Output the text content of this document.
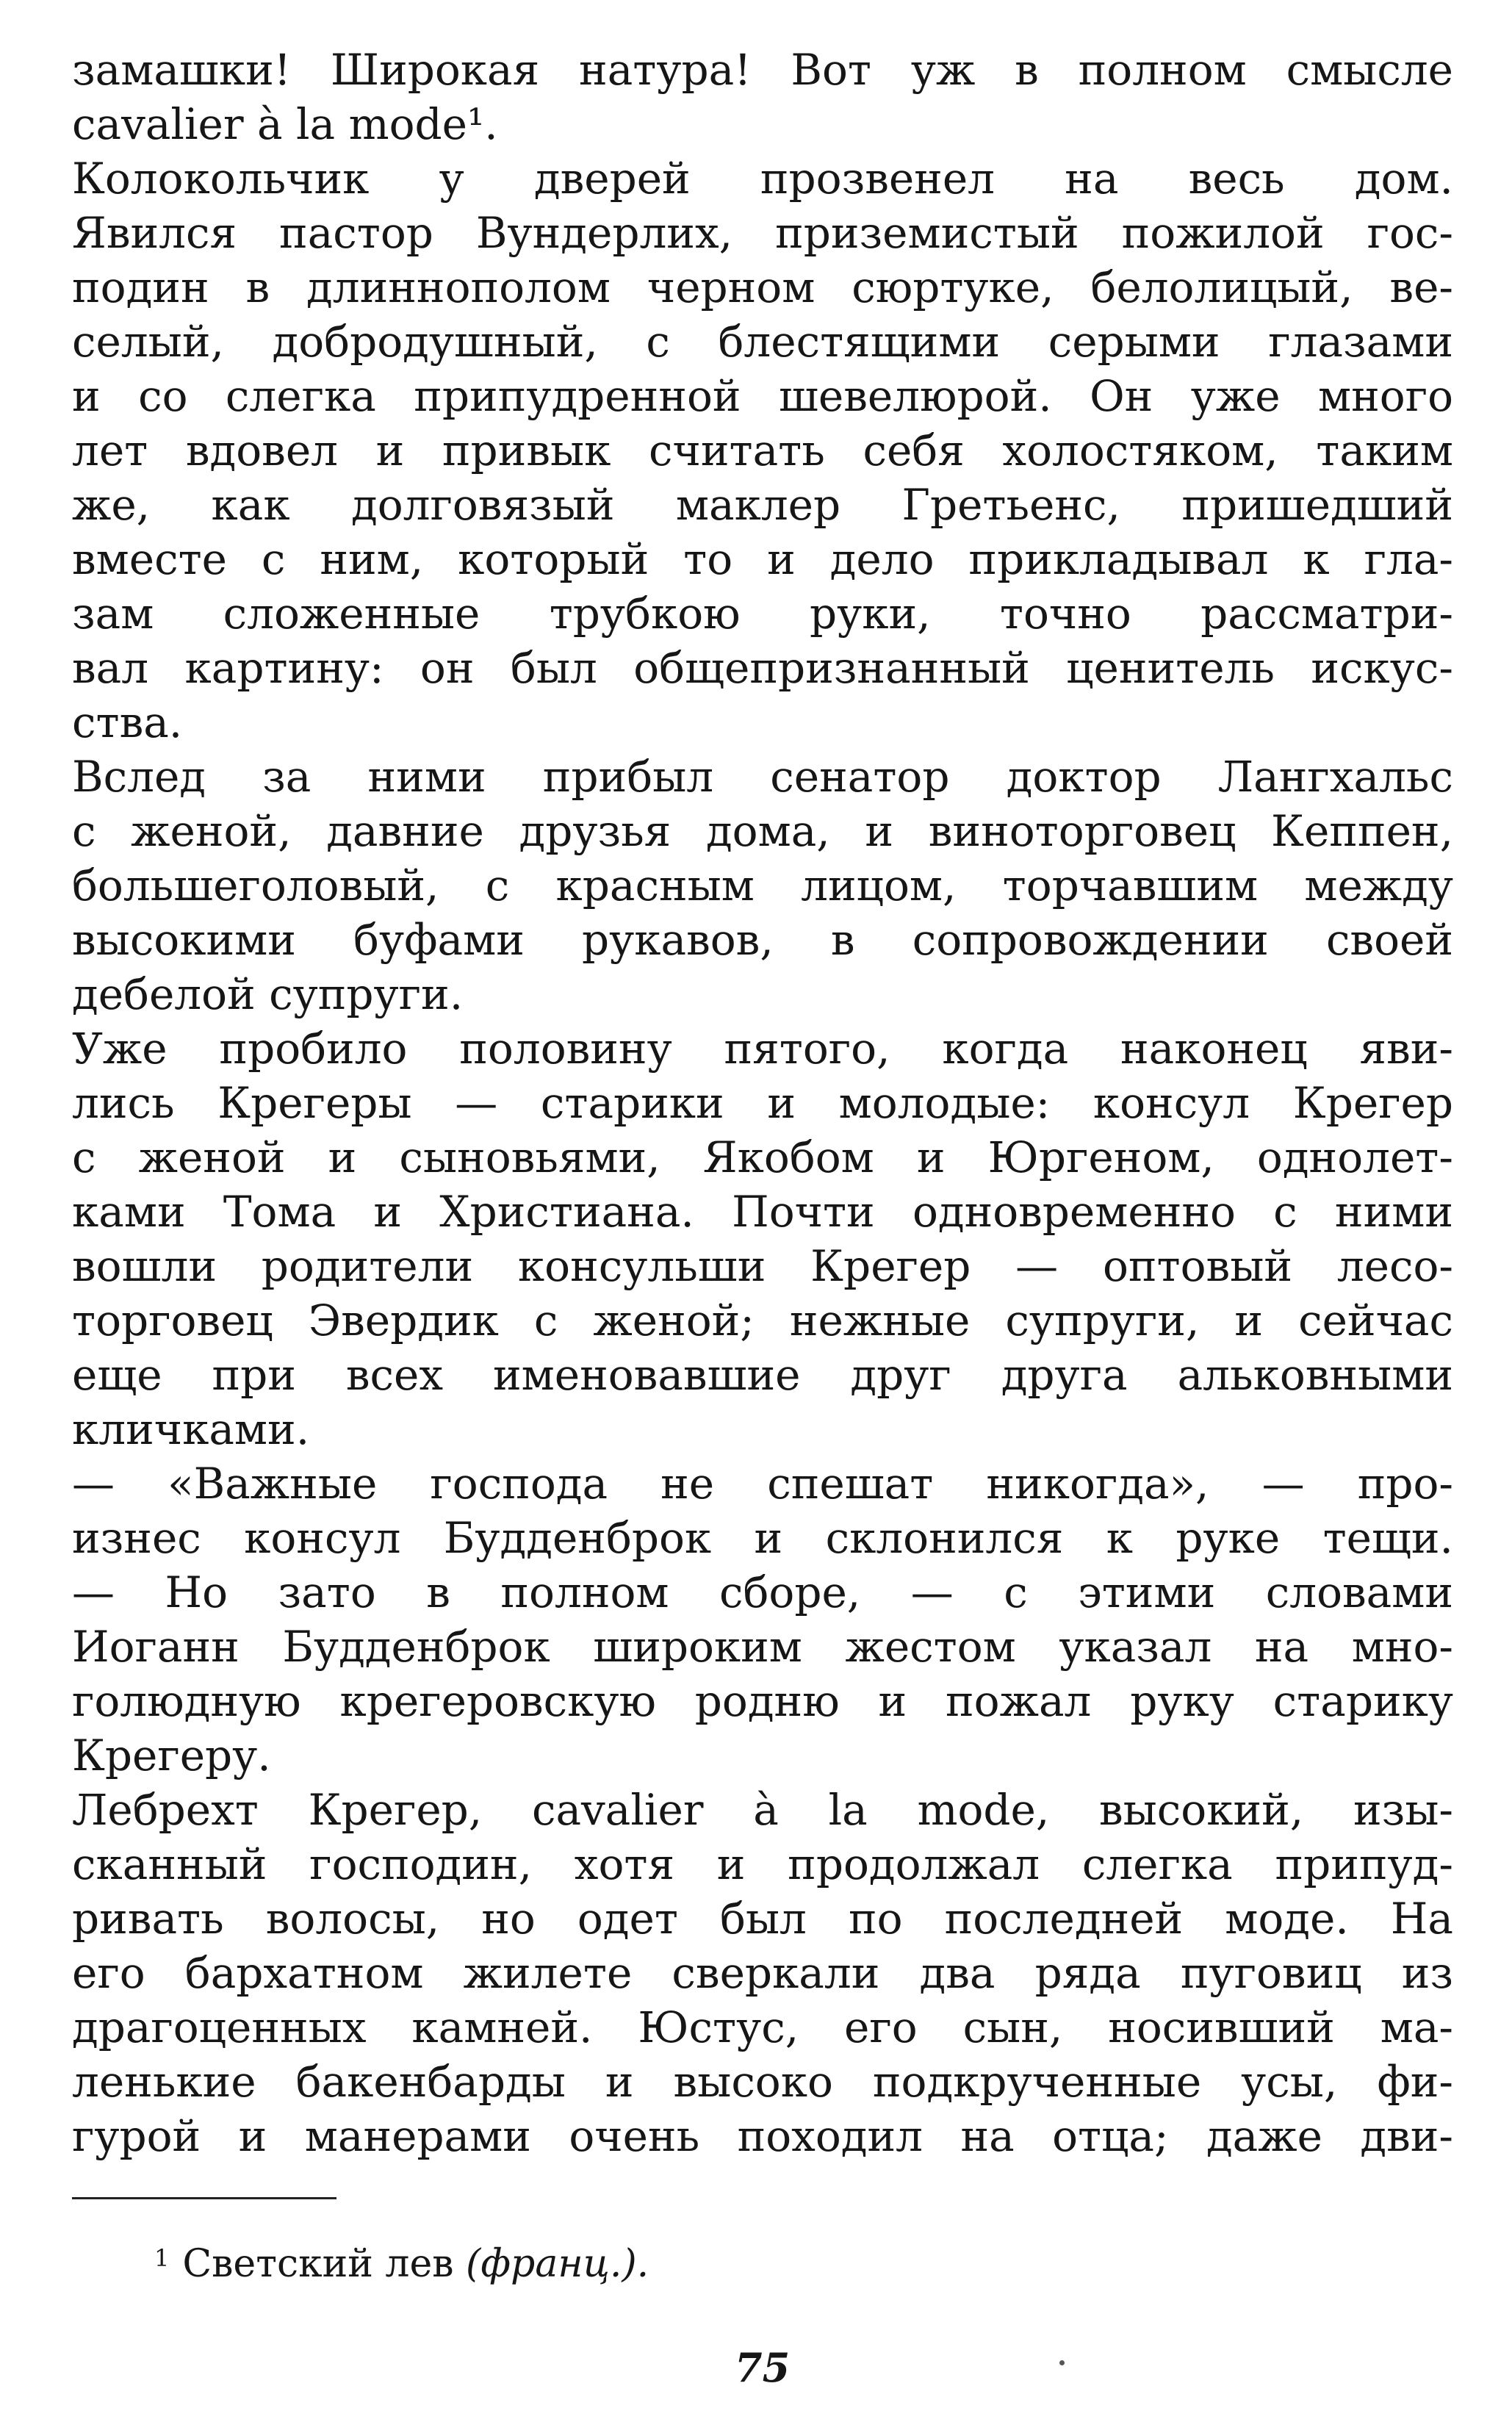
замашки! Широкая натура! Вот уж в полном смысле
cavalier à la mode¹.
Колокольчик у дверей прозвенел на весь дом.
Явился пастор Вундерлих, приземистый пожилой гос-
подин в длиннополом черном сюртуке, белолицый, ве-
селый, добродушный, с блестящими серыми глазами
и со слегка припудренной шевелюрой. Он уже много
лет вдовел и привык считать себя холостяком, таким
же, как долговязый маклер Гретьенс, пришедший
вместе с ним, который то и дело прикладывал к гла-
зам сложенные трубкою руки, точно рассматри-
вал картину: он был общепризнанный ценитель искус-
ства.
Вслед за ними прибыл сенатор доктор Лангхальс
с женой, давние друзья дома, и виноторговец Кеппен,
большеголовый, с красным лицом, торчавшим между
высокими буфами рукавов, в сопровождении своей
дебелой супруги.
Уже пробило половину пятого, когда наконец яви-
лись Крегеры — старики и молодые: консул Крегер
с женой и сыновьями, Якобом и Юргеном, однолет-
ками Тома и Христиана. Почти одновременно с ними
вошли родители консульши Крегер — оптовый лесо-
торговец Эвердик с женой; нежные супруги, и сейчас
еще при всех именовавшие друг друга альковными
кличками.
— «Важные господа не спешат никогда», — про-
изнес консул Будденброк и склонился к руке тещи.
— Но зато в полном сборе, — с этими словами
Иоганн Будденброк широким жестом указал на мно-
голюдную крегеровскую родню и пожал руку старику
Крегеру.
Лебрехт Крегер, cavalier à la mode, высокий, изы-
сканный господин, хотя и продолжал слегка припуд-
ривать волосы, но одет был по последней моде. На
его бархатном жилете сверкали два ряда пуговиц из
драгоценных камней. Юстус, его сын, носивший ма-
ленькие бакенбарды и высоко подкрученные усы, фи-
гурой и манерами очень походил на отца; даже дви-
$^1$ Светский лев (франц.).
75
